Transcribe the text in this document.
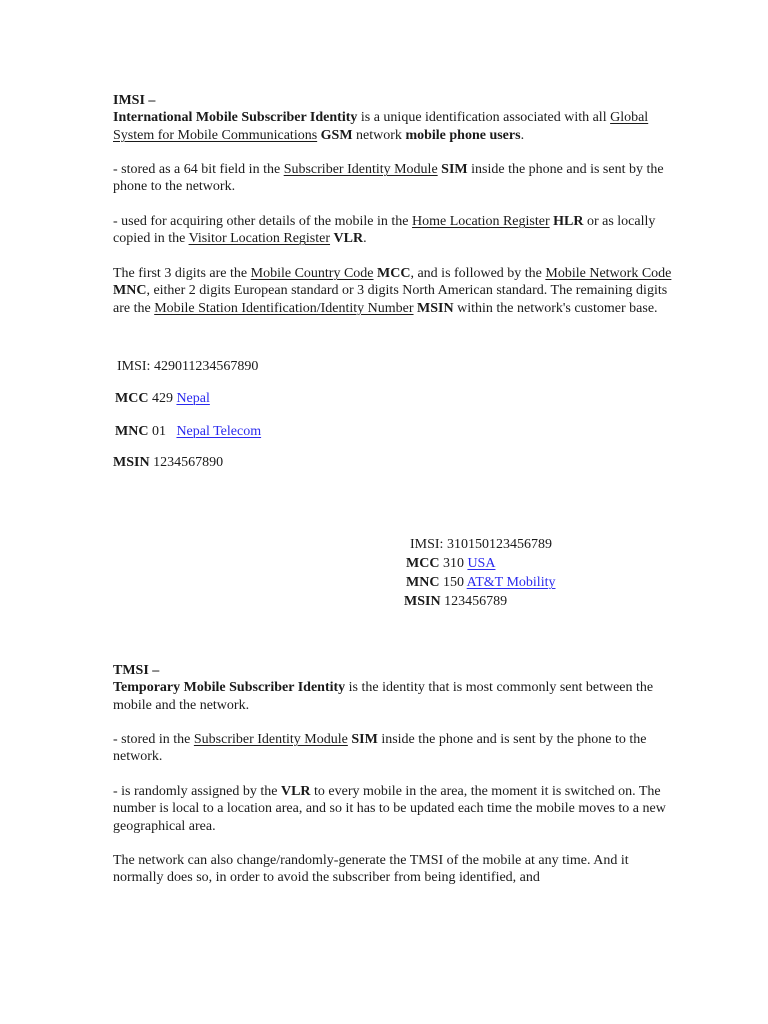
IMSI –

International Mobile Subscriber Identity is a unique identification associated with all Global System for Mobile Communications GSM network mobile phone users.

- stored as a 64 bit field in the Subscriber Identity Module SIM inside the phone and is sent by the phone to the network.

- used for acquiring other details of the mobile in the Home Location Register HLR or as locally copied in the Visitor Location Register VLR.

The first 3 digits are the Mobile Country Code MCC, and is followed by the Mobile Network Code MNC, either 2 digits European standard or 3 digits North American standard. The remaining digits are the Mobile Station Identification/Identity Number MSIN within the network's customer base.

IMSI: 429011234567890
MCC 429 Nepal
MNC 01   Nepal Telecom
MSIN 1234567890
IMSI: 310150123456789
MCC 310 USA
MNC 150 AT&T Mobility
MSIN 123456789

TMSI –

Temporary Mobile Subscriber Identity is the identity that is most commonly sent between the mobile and the network.

- stored in the Subscriber Identity Module SIM inside the phone and is sent by the phone to the network.

- is randomly assigned by the VLR to every mobile in the area, the moment it is switched on. The number is local to a location area, and so it has to be updated each time the mobile moves to a new geographical area.

The network can also change/randomly-generate the TMSI of the mobile at any time. And it normally does so, in order to avoid the subscriber from being identified, and
